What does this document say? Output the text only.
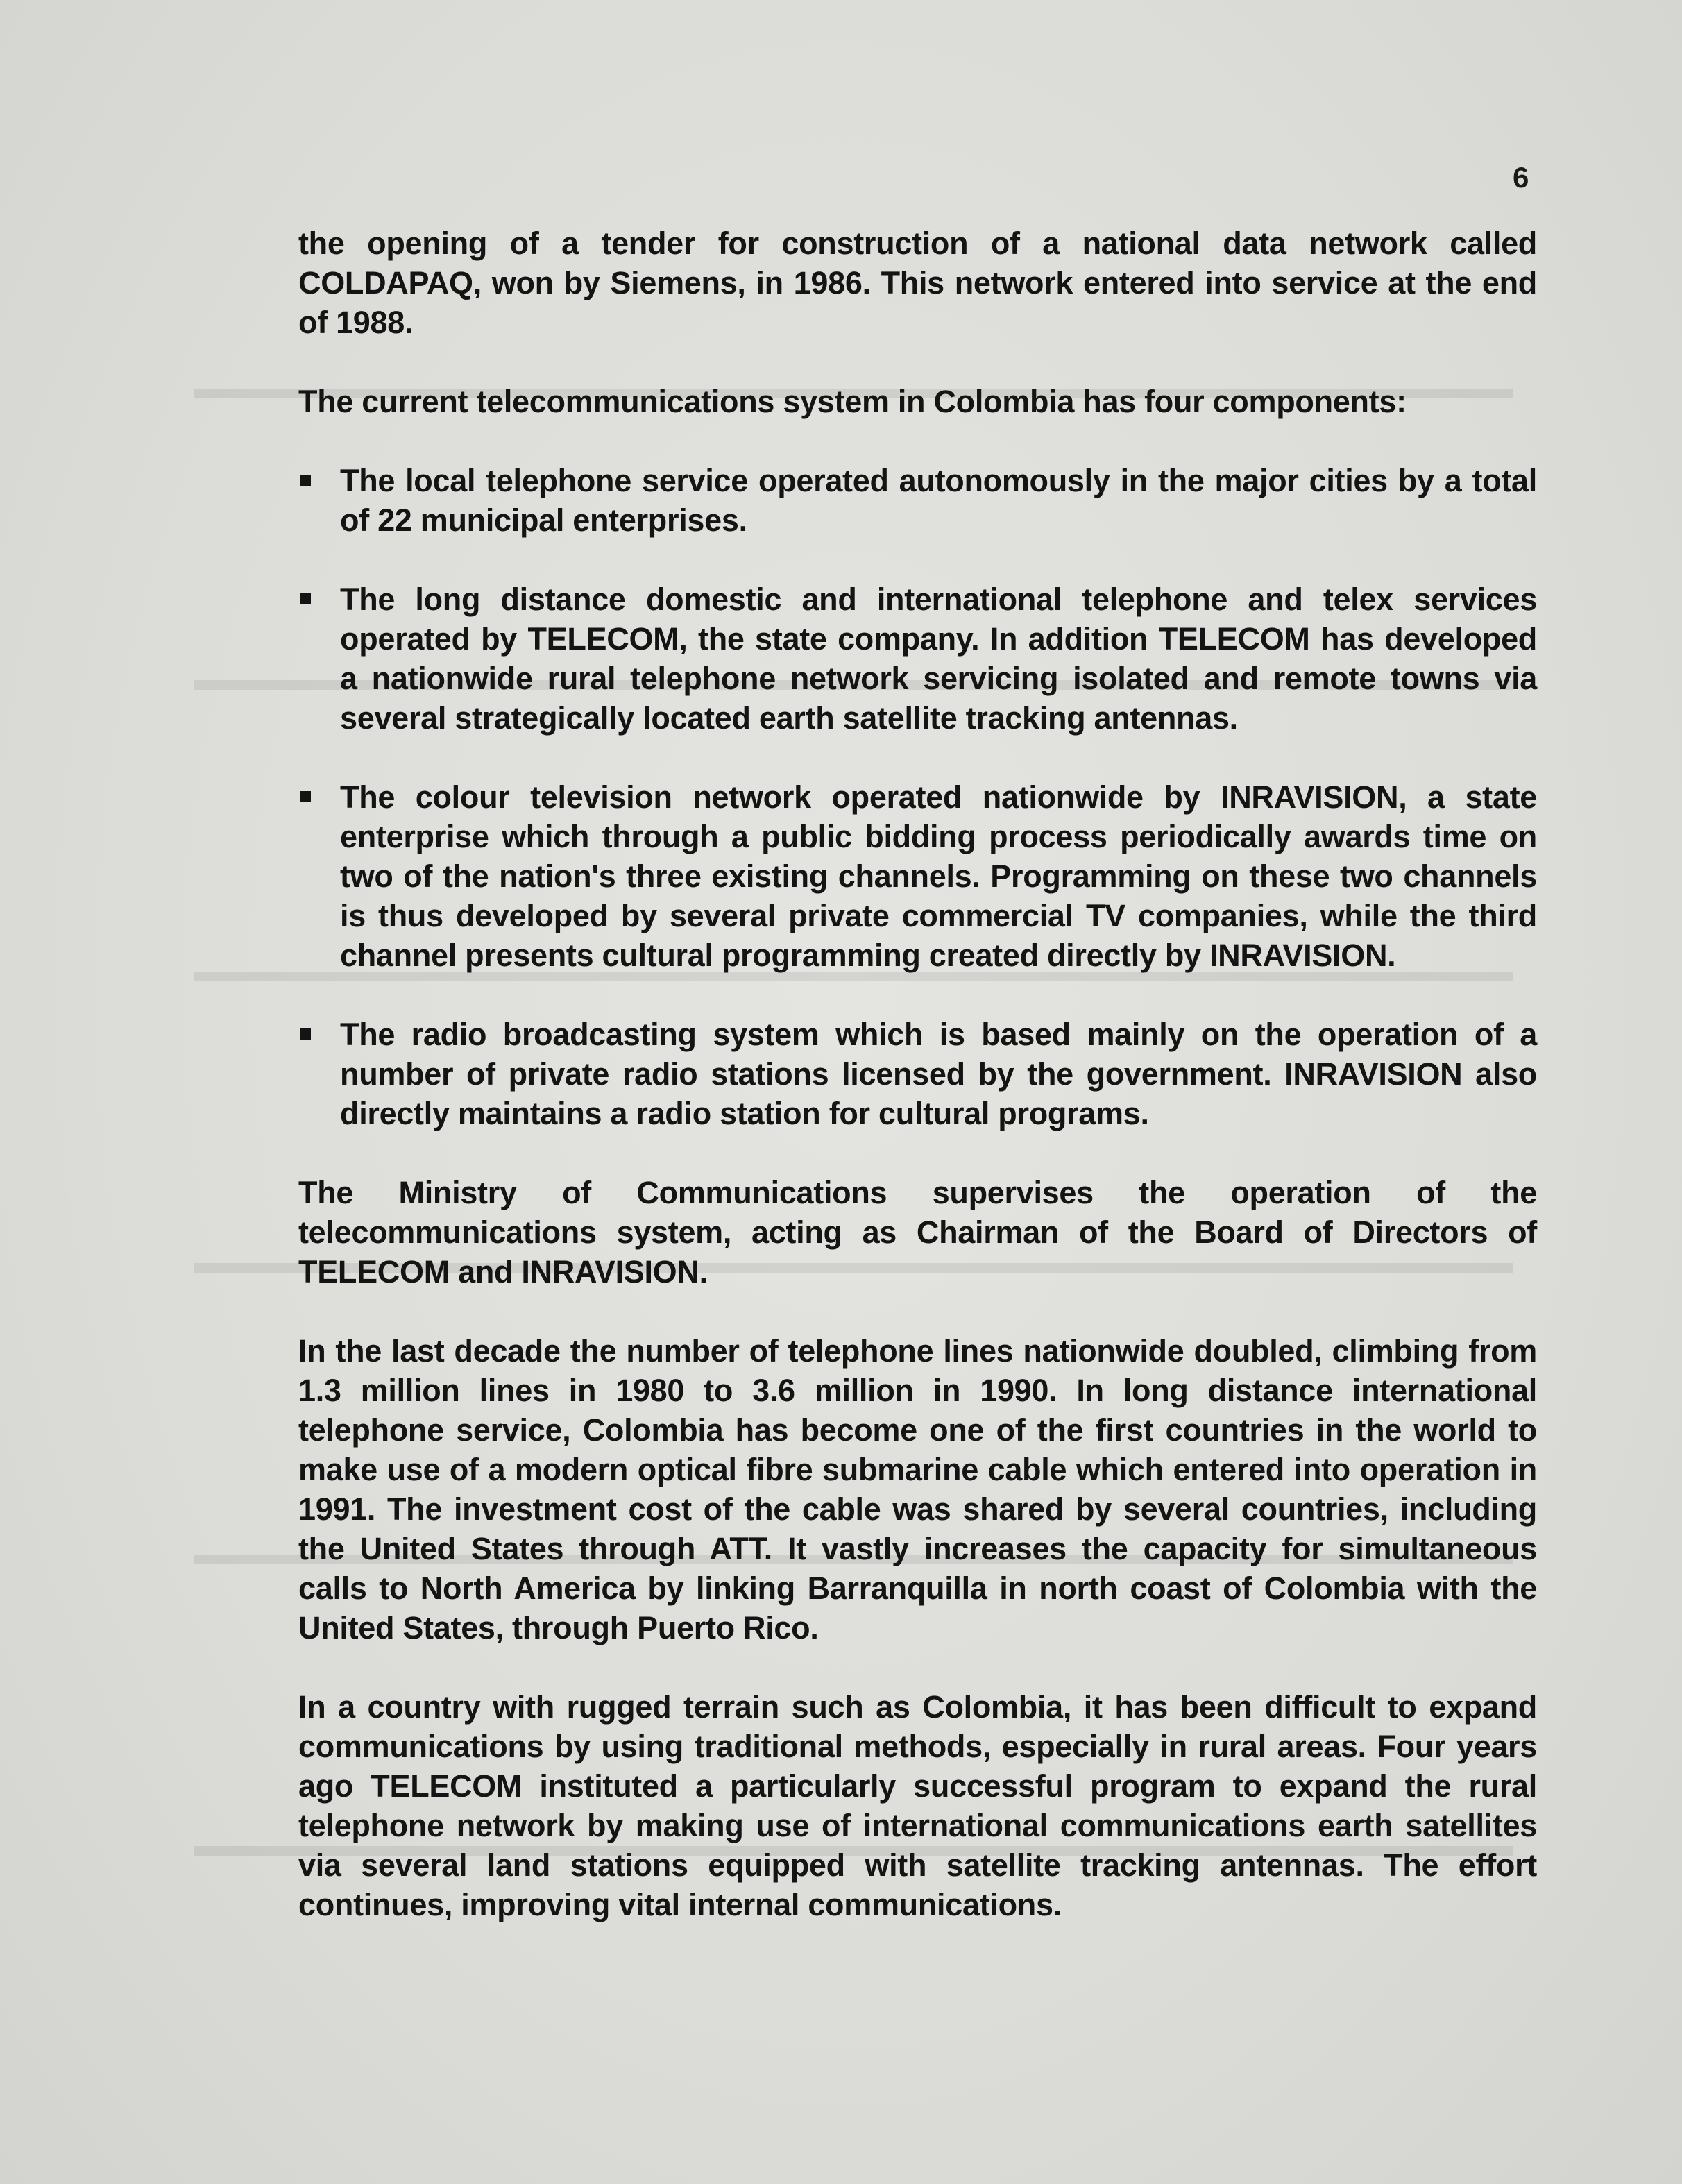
6

the opening of a tender for construction of a national data network called COLDAPAQ, won by Siemens, in 1986. This network entered into service at the end of 1988.

The current telecommunications system in Colombia has four components:

The local telephone service operated autonomously in the major cities by a total of 22 municipal enterprises.

The long distance domestic and international telephone and telex services operated by TELECOM, the state company. In addition TELECOM has developed a nationwide rural telephone network servicing isolated and remote towns via several strategically located earth satellite tracking antennas.

The colour television network operated nationwide by INRAVISION, a state enterprise which through a public bidding process periodically awards time on two of the nation's three existing channels. Programming on these two channels is thus developed by several private commercial TV companies, while the third channel presents cultural programming created directly by INRAVISION.

The radio broadcasting system which is based mainly on the operation of a number of private radio stations licensed by the government. INRAVISION also directly maintains a radio station for cultural programs.

The Ministry of Communications supervises the operation of the telecommunications system, acting as Chairman of the Board of Directors of TELECOM and INRAVISION.

In the last decade the number of telephone lines nationwide doubled, climbing from 1.3 million lines in 1980 to 3.6 million in 1990. In long distance international telephone service, Colombia has become one of the first countries in the world to make use of a modern optical fibre submarine cable which entered into operation in 1991. The investment cost of the cable was shared by several countries, including the United States through ATT. It vastly increases the capacity for simultaneous calls to North America by linking Barranquilla in north coast of Colombia with the United States, through Puerto Rico.

In a country with rugged terrain such as Colombia, it has been difficult to expand communications by using traditional methods, especially in rural areas. Four years ago TELECOM instituted a particularly successful program to expand the rural telephone network by making use of international communications earth satellites via several land stations equipped with satellite tracking antennas. The effort continues, improving vital internal communications.
